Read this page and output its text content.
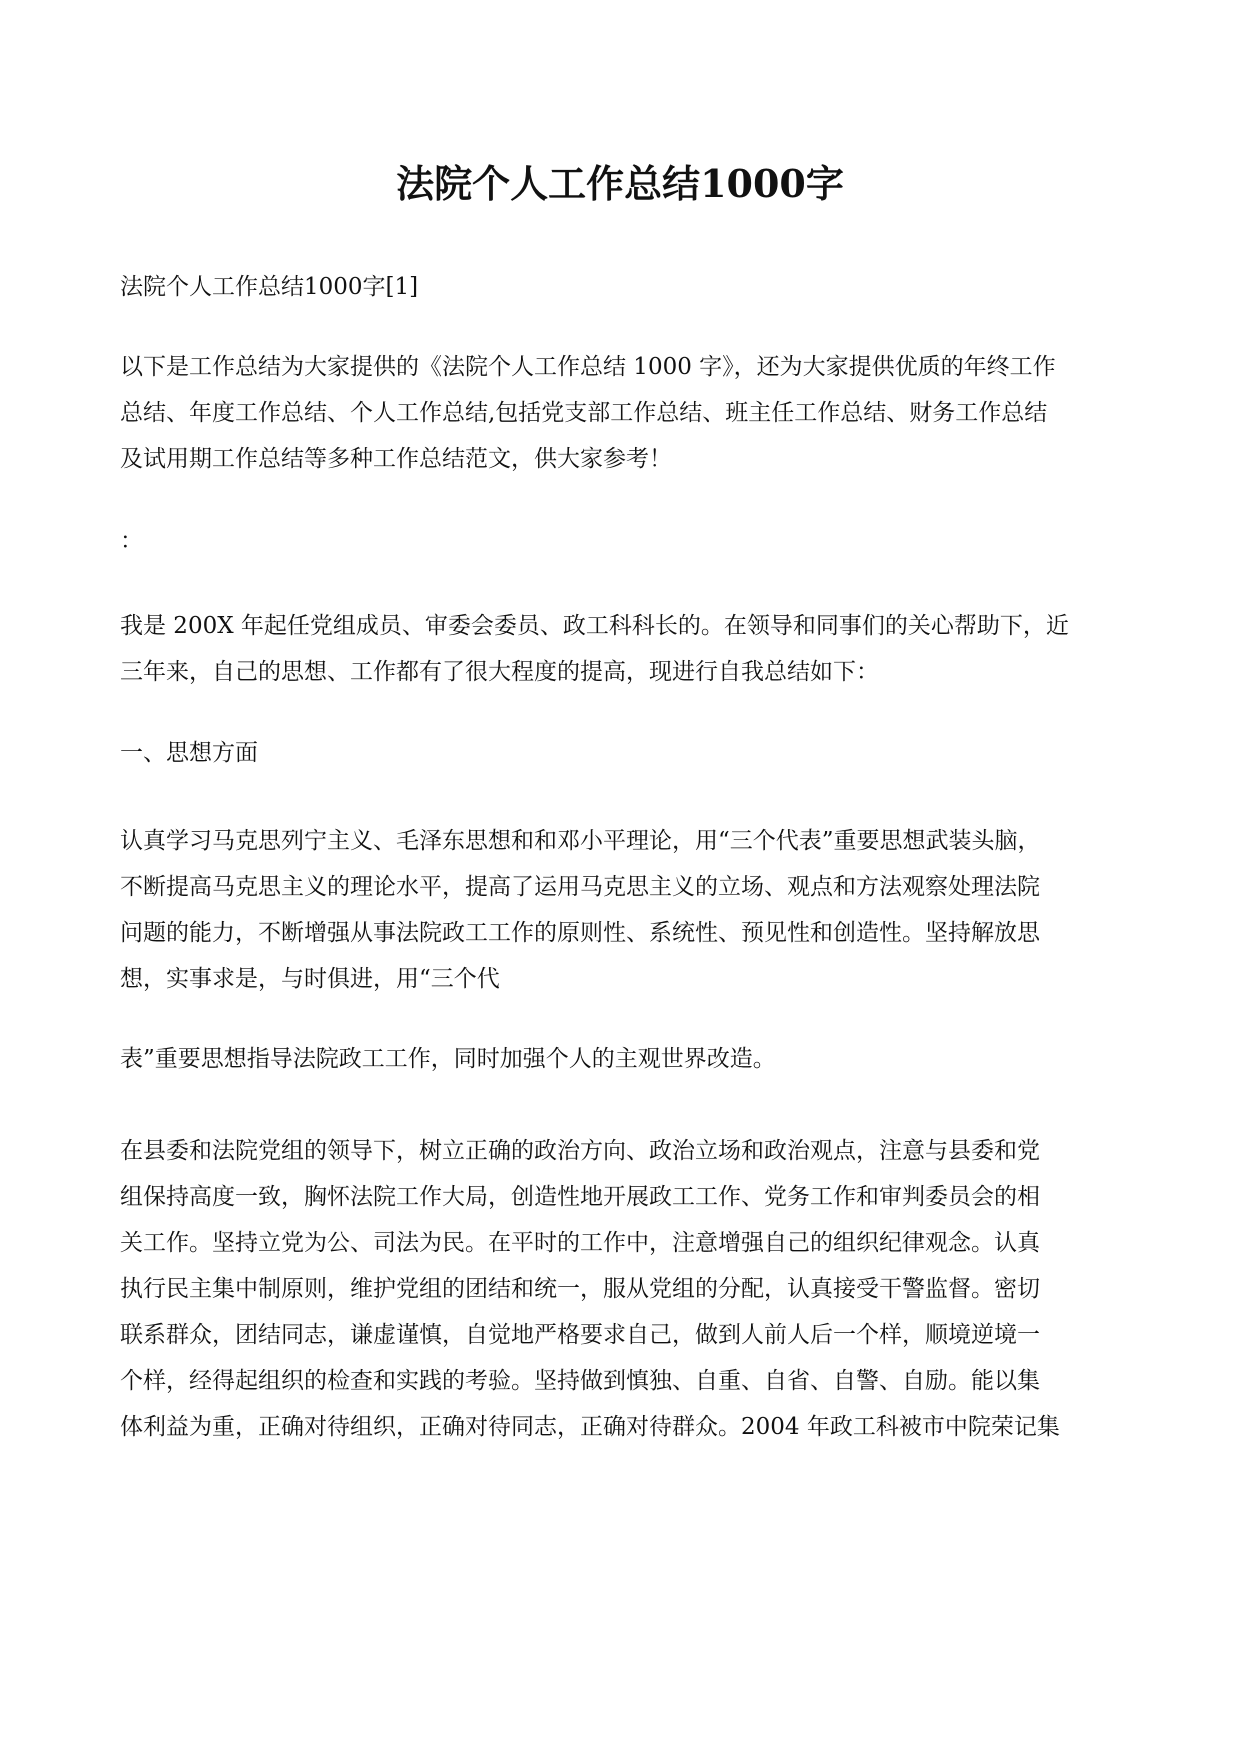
法院个人工作总结1000字

法院个人工作总结1000字[1]

以下是工作总结为大家提供的《法院个人工作总结 1000 字》，还为大家提供优质的年终工作
总结、年度工作总结、个人工作总结,包括党支部工作总结、班主任工作总结、财务工作总结
及试用期工作总结等多种工作总结范文，供大家参考！

：

我是 200X 年起任党组成员、审委会委员、政工科科长的。在领导和同事们的关心帮助下，近
三年来，自己的思想、工作都有了很大程度的提高，现进行自我总结如下：

一、思想方面

认真学习马克思列宁主义、毛泽东思想和和邓小平理论，用“三个代表”重要思想武装头脑，
不断提高马克思主义的理论水平，提高了运用马克思主义的立场、观点和方法观察处理法院
问题的能力，不断增强从事法院政工工作的原则性、系统性、预见性和创造性。坚持解放思
想，实事求是，与时俱进，用“三个代

表”重要思想指导法院政工工作，同时加强个人的主观世界改造。

在县委和法院党组的领导下，树立正确的政治方向、政治立场和政治观点，注意与县委和党
组保持高度一致，胸怀法院工作大局，创造性地开展政工工作、党务工作和审判委员会的相
关工作。坚持立党为公、司法为民。在平时的工作中，注意增强自己的组织纪律观念。认真
执行民主集中制原则，维护党组的团结和统一，服从党组的分配，认真接受干警监督。密切
联系群众，团结同志，谦虚谨慎，自觉地严格要求自己，做到人前人后一个样，顺境逆境一
个样，经得起组织的检查和实践的考验。坚持做到慎独、自重、自省、自警、自励。能以集
体利益为重，正确对待组织，正确对待同志，正确对待群众。2004 年政工科被市中院荣记集
